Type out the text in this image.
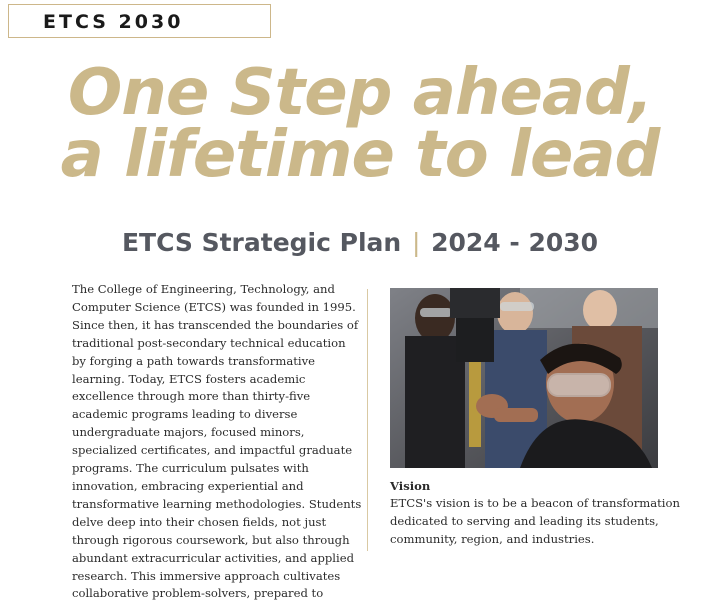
ETCS 2030
One Step ahead,
a lifetime to lead
ETCS Strategic Plan | 2024 - 2030
The College of Engineering, Technology, and Computer Science (ETCS) was founded in 1995. Since then, it has transcended the boundaries of traditional post-secondary technical education by forging a path towards transformative learning. Today, ETCS fosters academic excellence through more than thirty-five academic programs leading to diverse undergraduate majors, focused minors, specialized certificates, and impactful graduate programs. The curriculum pulsates with innovation, embracing experiential and transformative learning methodologies. Students delve deep into their chosen fields, not just through rigorous coursework, but also through abundant extracurricular activities, and applied research. This immersive approach cultivates collaborative problem-solvers, prepared to
Vision
ETCS's vision is to be a beacon of transformation dedicated to serving and leading its students, community, region, and industries.
